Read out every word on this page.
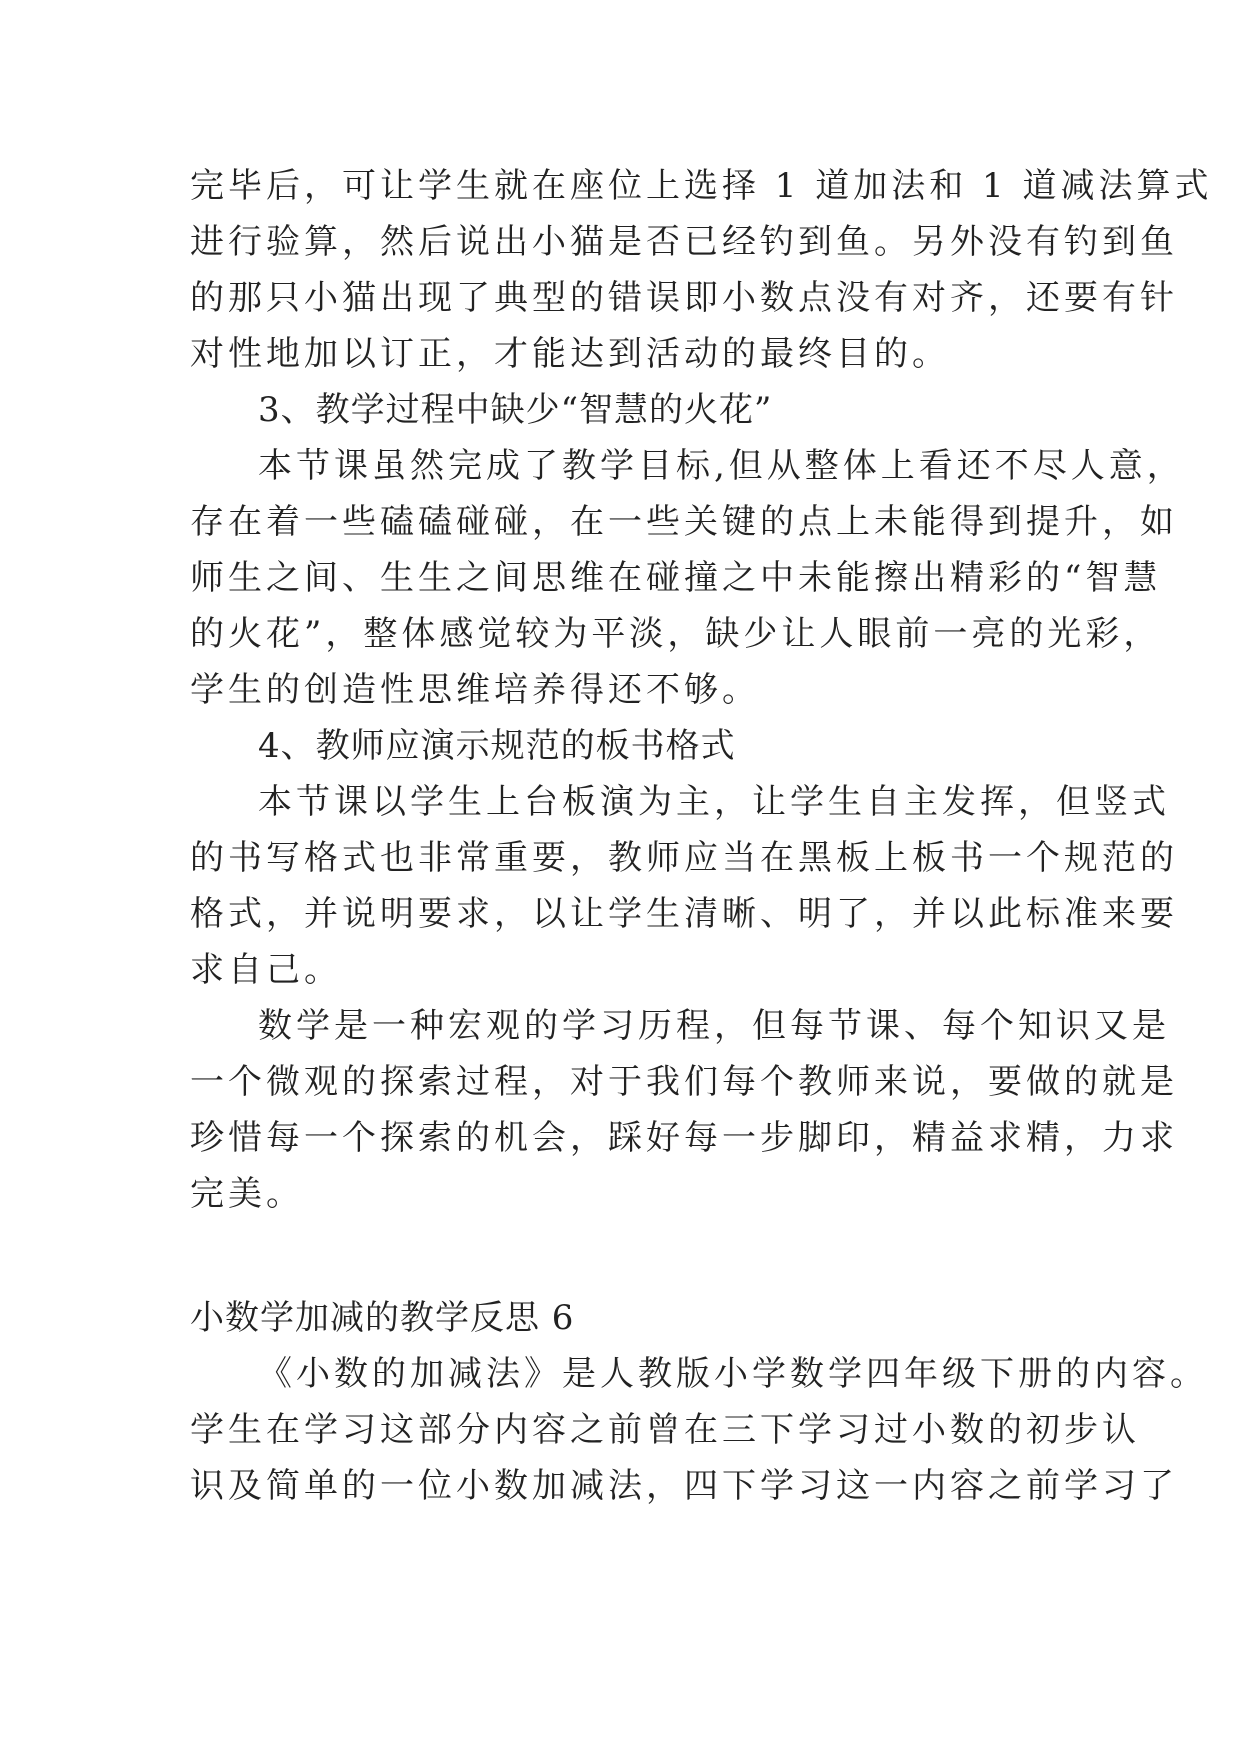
完毕后，可让学生就在座位上选择 1 道加法和 1 道减法算式
进行验算，然后说出小猫是否已经钓到鱼。另外没有钓到鱼
的那只小猫出现了典型的错误即小数点没有对齐，还要有针
对性地加以订正，才能达到活动的最终目的。
3、教学过程中缺少“智慧的火花”
本节课虽然完成了教学目标,但从整体上看还不尽人意，
存在着一些磕磕碰碰，在一些关键的点上未能得到提升，如
师生之间、生生之间思维在碰撞之中未能擦出精彩的“智慧
的火花”，整体感觉较为平淡，缺少让人眼前一亮的光彩，
学生的创造性思维培养得还不够。
4、教师应演示规范的板书格式
本节课以学生上台板演为主，让学生自主发挥，但竖式
的书写格式也非常重要，教师应当在黑板上板书一个规范的
格式，并说明要求，以让学生清晰、明了，并以此标准来要
求自己。
数学是一种宏观的学习历程，但每节课、每个知识又是
一个微观的探索过程，对于我们每个教师来说，要做的就是
珍惜每一个探索的机会，踩好每一步脚印，精益求精，力求
完美。
小数学加减的教学反思 6
《小数的加减法》是人教版小学数学四年级下册的内容。
学生在学习这部分内容之前曾在三下学习过小数的初步认
识及简单的一位小数加减法，四下学习这一内容之前学习了
